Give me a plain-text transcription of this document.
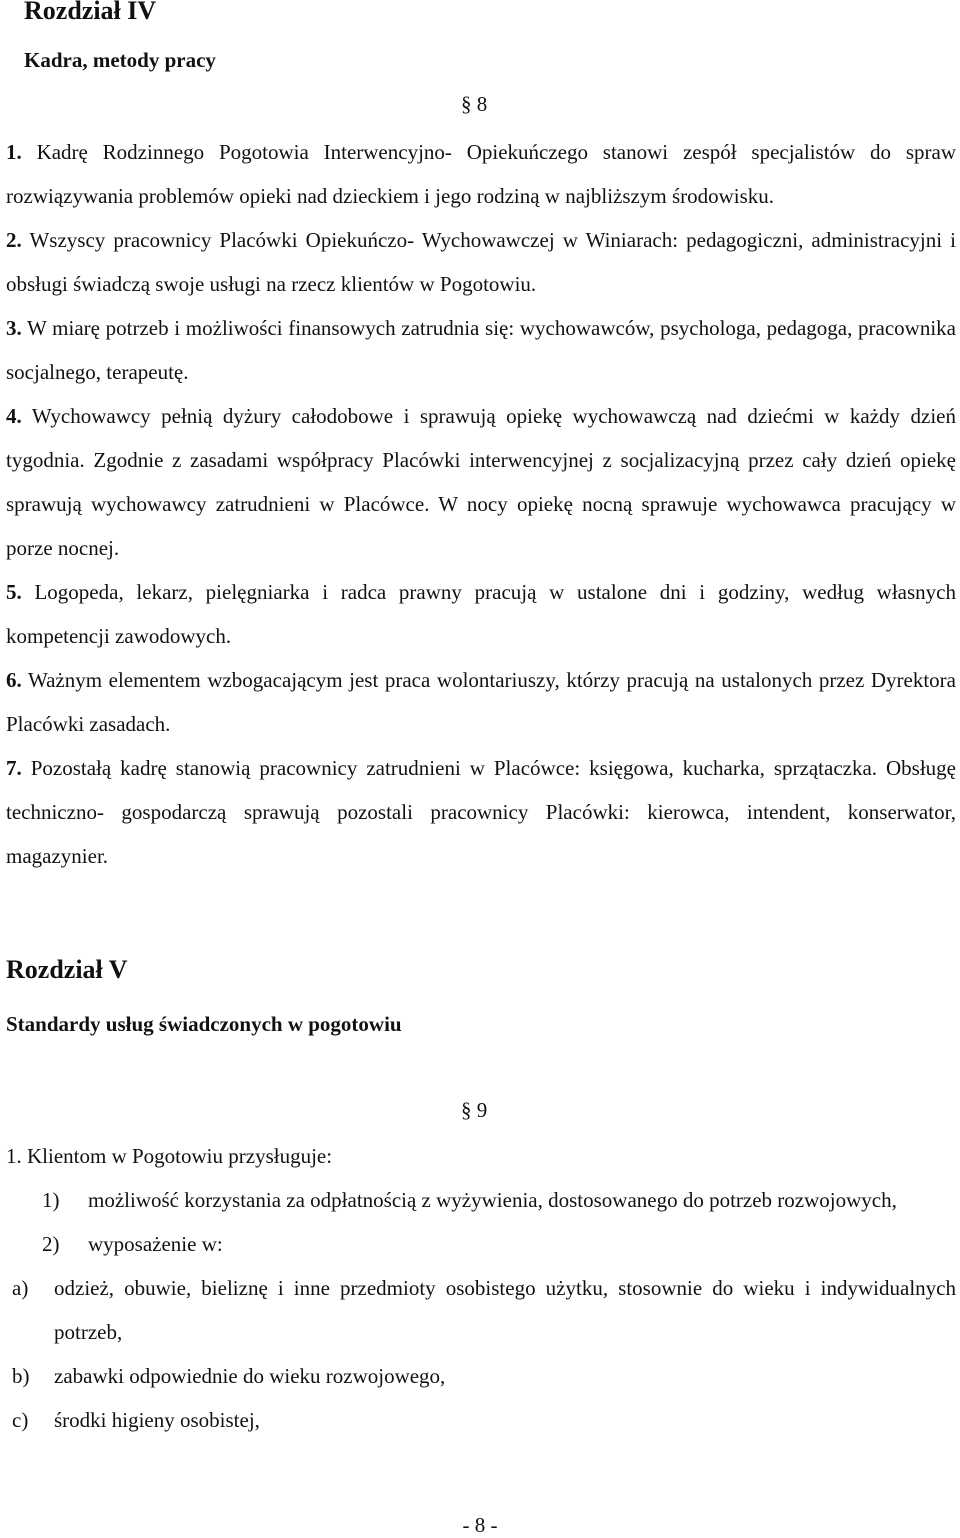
Rozdział IV
Kadra, metody pracy
§ 8

1. Kadrę Rodzinnego Pogotowia Interwencyjno- Opiekuńczego stanowi zespół specjalistów do spraw rozwiązywania problemów opieki nad dzieckiem i jego rodziną w najbliższym środowisku.

2. Wszyscy pracownicy Placówki Opiekuńczo- Wychowawczej w Winiarach: pedagogiczni, administracyjni i obsługi świadczą swoje usługi na rzecz klientów w Pogotowiu.

3. W miarę potrzeb i możliwości finansowych zatrudnia się: wychowawców, psychologa, pedagoga, pracownika socjalnego, terapeutę.

4. Wychowawcy pełnią dyżury całodobowe i sprawują opiekę wychowawczą nad dziećmi w każdy dzień tygodnia. Zgodnie z zasadami współpracy Placówki interwencyjnej z socjalizacyjną przez cały dzień opiekę sprawują wychowawcy zatrudnieni w Placówce. W nocy opiekę nocną sprawuje wychowawca pracujący w porze nocnej.

5. Logopeda, lekarz, pielęgniarka i radca prawny pracują w ustalone dni i godziny, według własnych kompetencji zawodowych.

6. Ważnym elementem wzbogacającym jest praca wolontariuszy, którzy pracują na ustalonych przez Dyrektora Placówki zasadach.

7. Pozostałą kadrę stanowią pracownicy zatrudnieni w Placówce: księgowa, kucharka, sprzątaczka. Obsługę techniczno- gospodarczą sprawują pozostali pracownicy Placówki: kierowca, intendent, konserwator, magazynier.

Rozdział V
Standardy usług świadczonych w pogotowiu
§ 9

1. Klientom w Pogotowiu przysługuje:

1) możliwość korzystania za odpłatnością z wyżywienia, dostosowanego do potrzeb rozwojowych,
2) wyposażenie w:
a) odzież, obuwie, bieliznę i inne przedmioty osobistego użytku, stosownie do wieku i indywidualnych potrzeb,
b) zabawki odpowiednie do wieku rozwojowego,
c) środki higieny osobistej,
- 8 -
